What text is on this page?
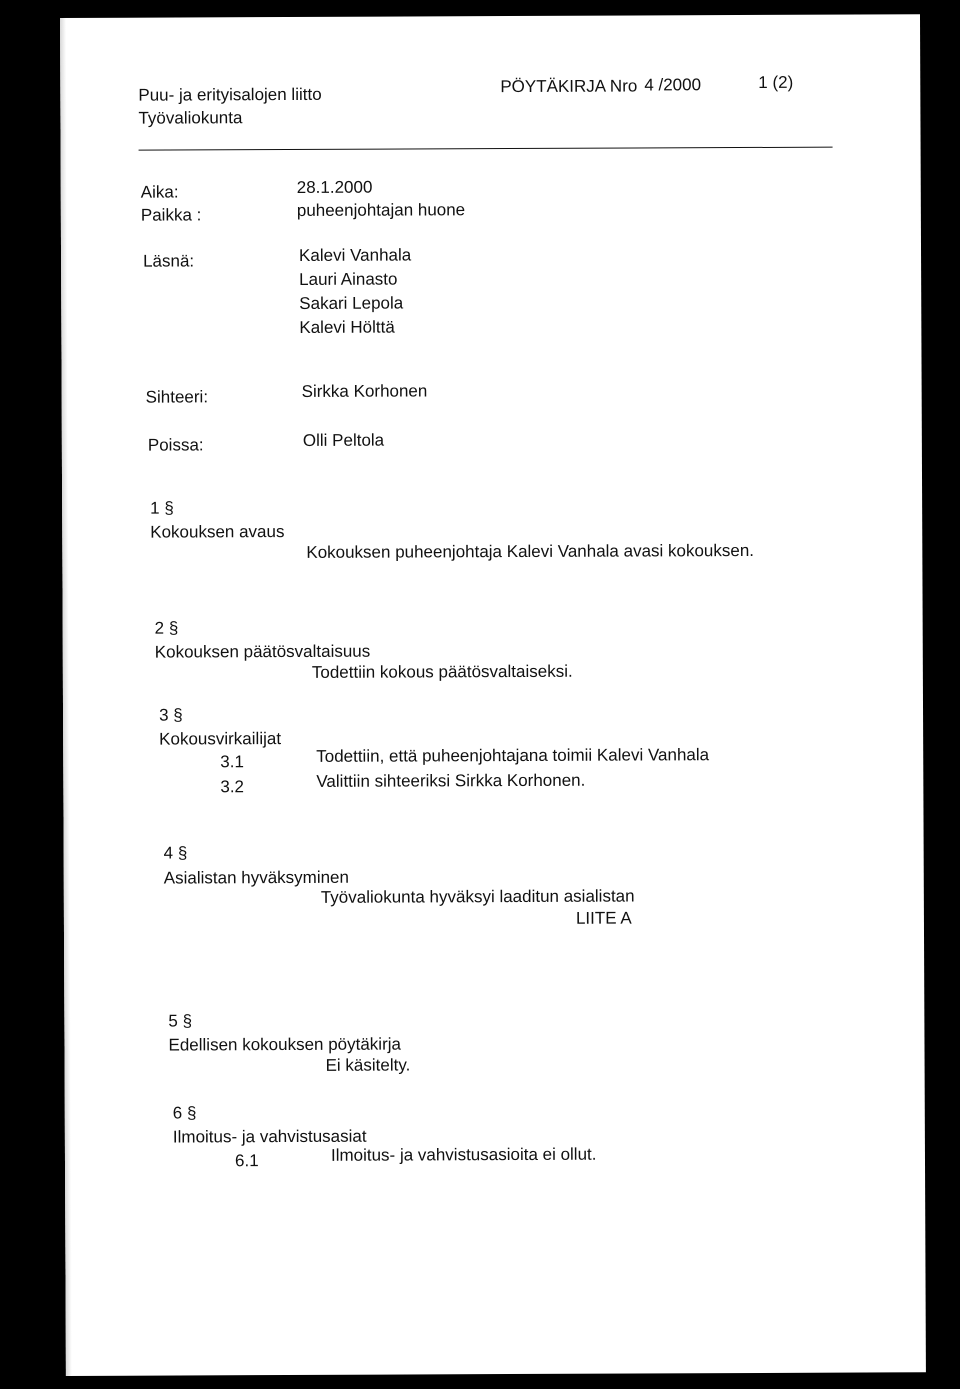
Puu- ja erityisalojen liitto
Työvaliokunta
PÖYTÄKIRJA Nro 4 /2000	1 (2)
Aika:	28.1.2000
Paikka :	puheenjohtajan huone
Läsnä:	Kalevi Vanhala
Lauri Ainasto
Sakari Lepola
Kalevi Hölttä
Sihteeri:	Sirkka Korhonen
Poissa:	Olli Peltola
1 §
Kokouksen avaus
Kokouksen puheenjohtaja Kalevi Vanhala avasi kokouksen.
2 §
Kokouksen päätösvaltaisuus
Todettiin kokous päätösvaltaiseksi.
3 §
Kokousvirkailijat
3.1	Todettiin, että puheenjohtajana toimii Kalevi Vanhala
3.2	Valittiin sihteeriksi Sirkka Korhonen.
4 §
Asialistan hyväksyminen
Työvaliokunta hyväksyi laaditun asialistan
LIITE A
5 §
Edellisen kokouksen pöytäkirja
Ei käsitelty.
6 §
Ilmoitus- ja vahvistusasiat
6.1	Ilmoitus- ja vahvistusasioita ei ollut.
